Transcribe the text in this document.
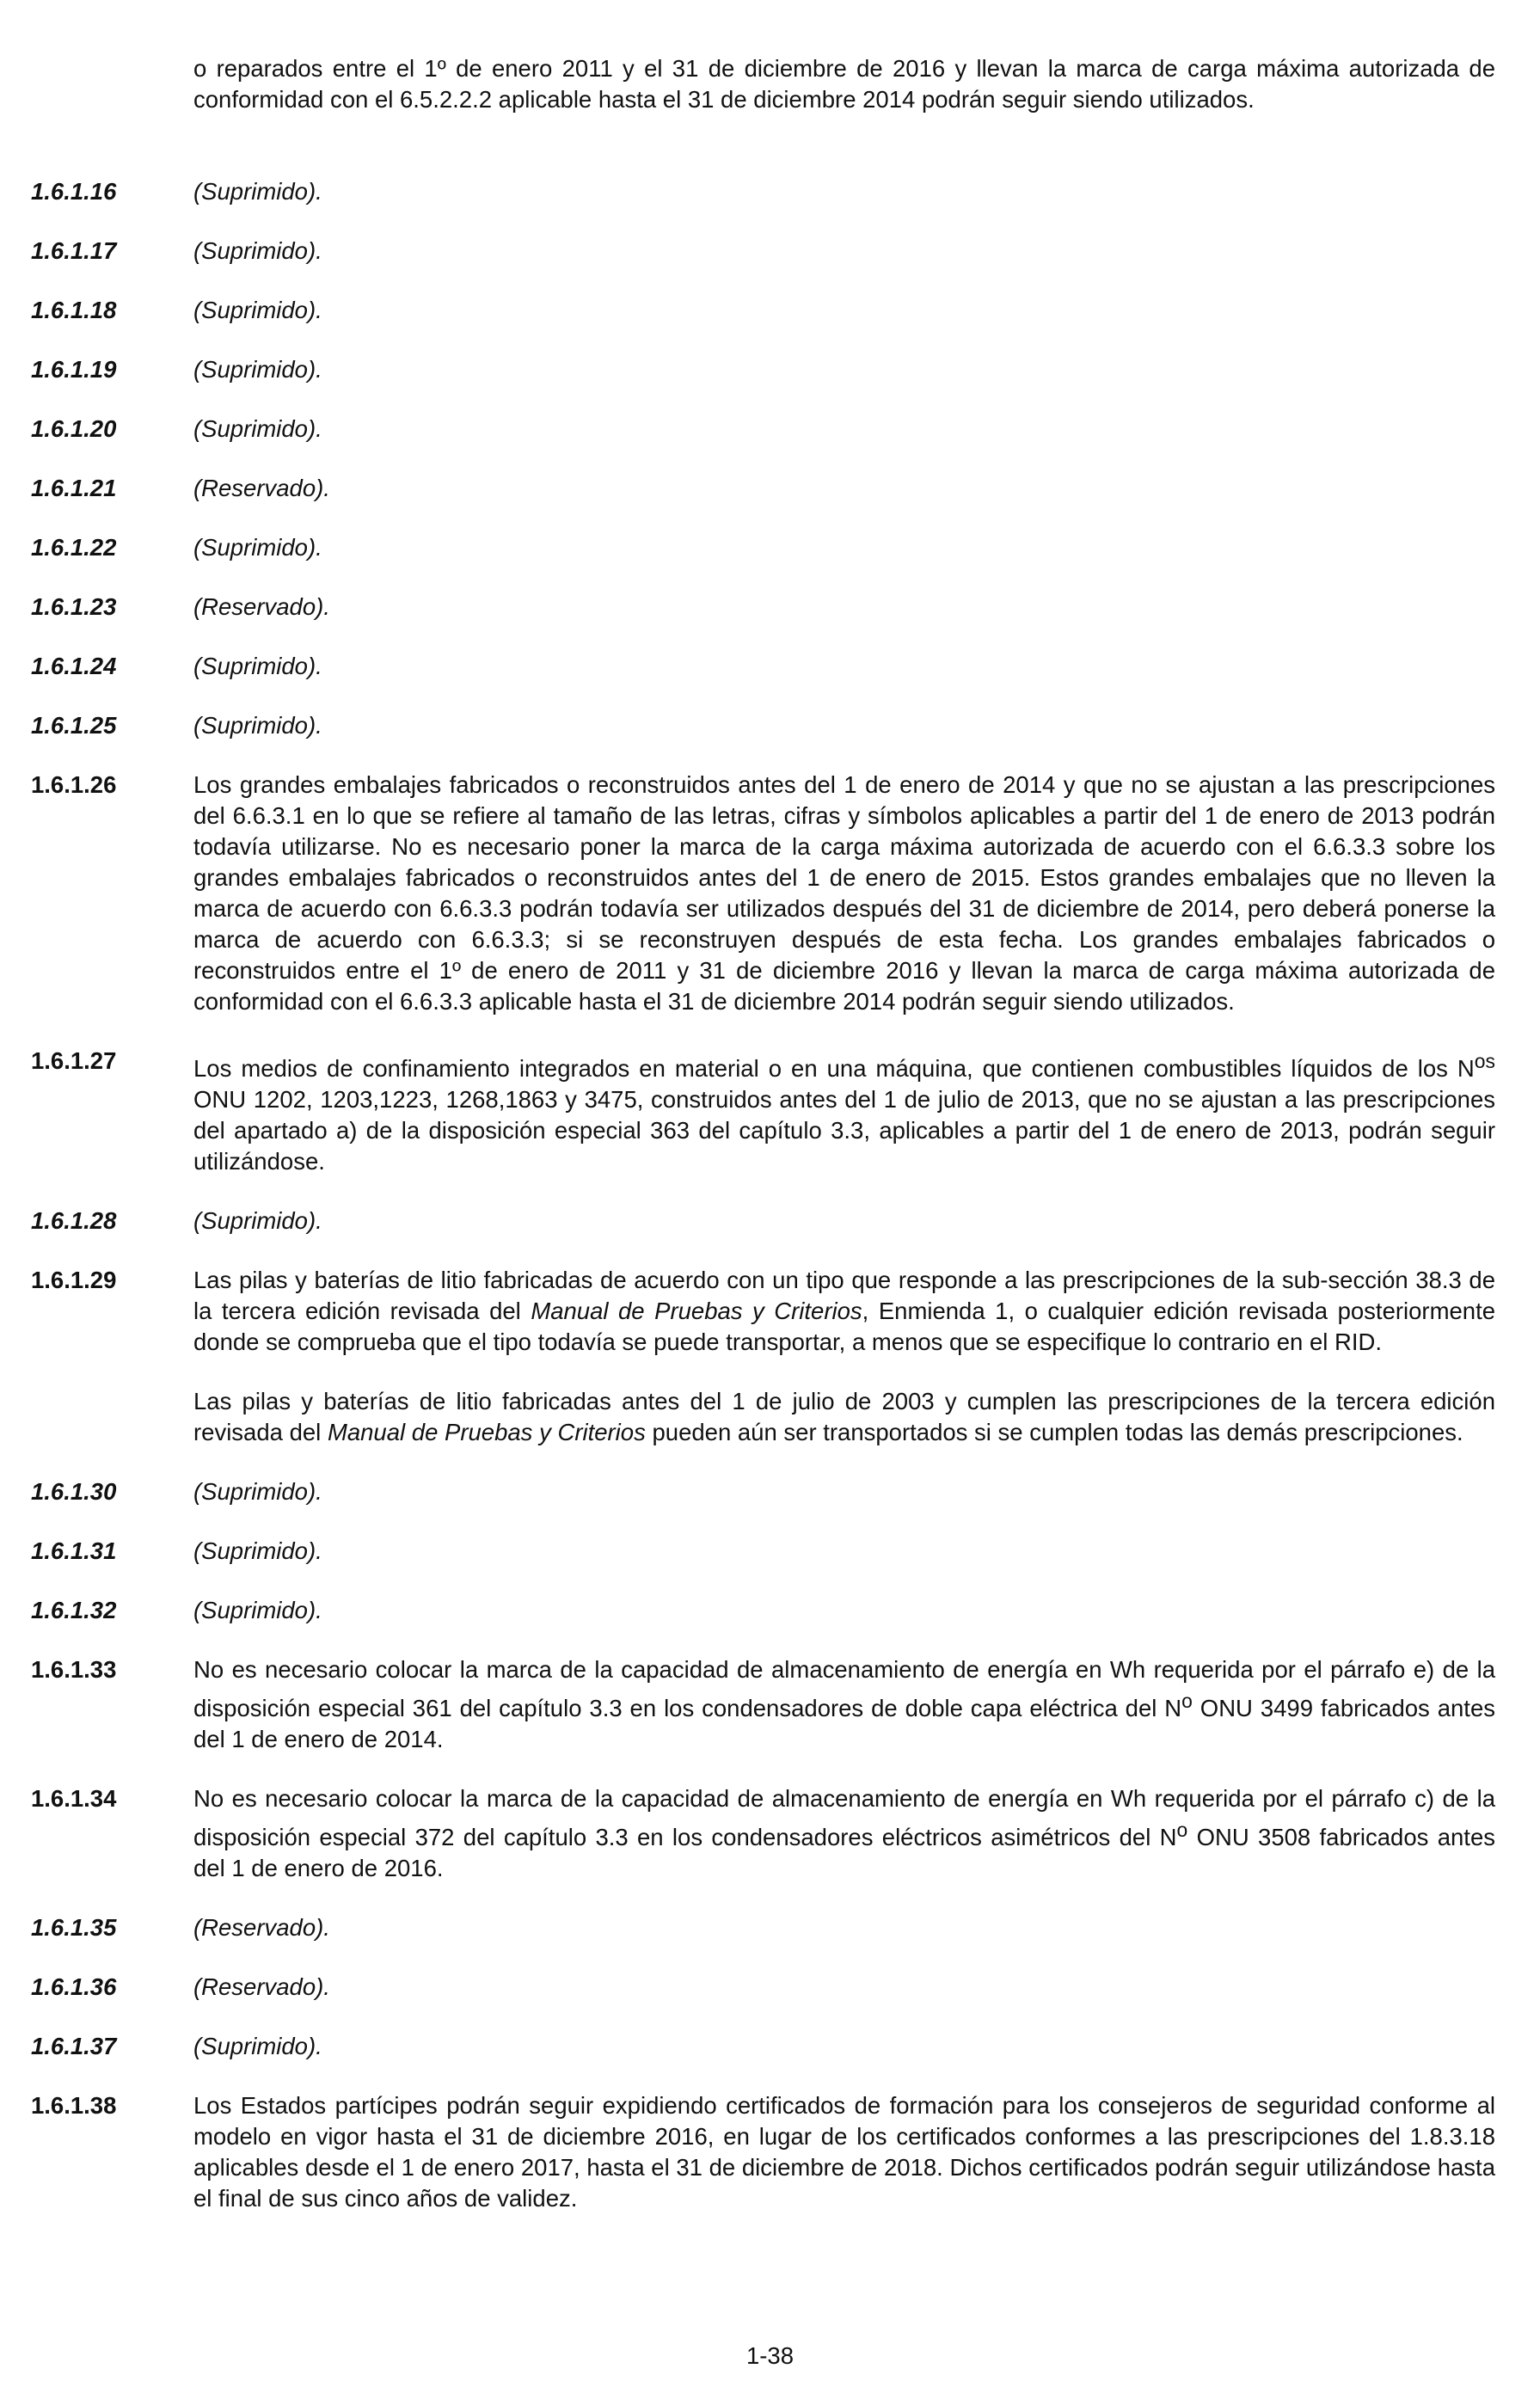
o reparados entre el 1º de enero 2011 y el 31 de diciembre de 2016 y llevan la marca de carga máxima autorizada de conformidad con el 6.5.2.2.2 aplicable hasta el 31 de diciembre 2014 podrán seguir siendo utilizados.
1.6.1.16	(Suprimido).
1.6.1.17	(Suprimido).
1.6.1.18	(Suprimido).
1.6.1.19	(Suprimido).
1.6.1.20	(Suprimido).
1.6.1.21	(Reservado).
1.6.1.22	(Suprimido).
1.6.1.23	(Reservado).
1.6.1.24	(Suprimido).
1.6.1.25	(Suprimido).
1.6.1.26	Los grandes embalajes fabricados o reconstruidos antes del 1 de enero de 2014 y que no se ajustan a las prescripciones del 6.6.3.1 en lo que se refiere al tamaño de las letras, cifras y símbolos aplicables a partir del 1 de enero de 2013 podrán todavía utilizarse. No es necesario poner la marca de la carga máxima autorizada de acuerdo con el 6.6.3.3 sobre los grandes embalajes fabricados o reconstruidos antes del 1 de enero de 2015. Estos grandes embalajes que no lleven la marca de acuerdo con 6.6.3.3 podrán todavía ser utilizados después del 31 de diciembre de 2014, pero deberá ponerse la marca de acuerdo con 6.6.3.3; si se reconstruyen después de esta fecha. Los grandes embalajes fabricados o reconstruidos entre el 1º de enero de 2011 y 31 de diciembre 2016 y llevan la marca de carga máxima autorizada de conformidad con el 6.6.3.3 aplicable hasta el 31 de diciembre 2014 podrán seguir siendo utilizados.
1.6.1.27	Los medios de confinamiento integrados en material o en una máquina, que contienen combustibles líquidos de los $N^{os}$ ONU 1202, 1203,1223, 1268,1863 y 3475, construidos antes del 1 de julio de 2013, que no se ajustan a las prescripciones del apartado a) de la disposición especial 363 del capítulo 3.3, aplicables a partir del 1 de enero de 2013, podrán seguir utilizándose.
1.6.1.28	(Suprimido).
1.6.1.29	Las pilas y baterías de litio fabricadas de acuerdo con un tipo que responde a las prescripciones de la sub-sección 38.3 de la tercera edición revisada del Manual de Pruebas y Criterios, Enmienda 1, o cualquier edición revisada posteriormente donde se comprueba que el tipo todavía se puede transportar, a menos que se especifique lo contrario en el RID.

Las pilas y baterías de litio fabricadas antes del 1 de julio de 2003 y cumplen las prescripciones de la tercera edición revisada del Manual de Pruebas y Criterios pueden aún ser transportados si se cumplen todas las demás prescripciones.

1.6.1.30	(Suprimido).
1.6.1.31	(Suprimido).
1.6.1.32	(Suprimido).
1.6.1.33	No es necesario colocar la marca de la capacidad de almacenamiento de energía en Wh requerida por el párrafo e) de la disposición especial 361 del capítulo 3.3 en los condensadores de doble capa eléctrica del $N^o$ ONU 3499 fabricados antes del 1 de enero de 2014.
1.6.1.34	No es necesario colocar la marca de la capacidad de almacenamiento de energía en Wh requerida por el párrafo c) de la disposición especial 372 del capítulo 3.3 en los condensadores eléctricos asimétricos del $N^o$ ONU 3508 fabricados antes del 1 de enero de 2016.
1.6.1.35	(Reservado).
1.6.1.36	(Reservado).
1.6.1.37	(Suprimido).
1.6.1.38	Los Estados partícipes podrán seguir expidiendo certificados de formación para los consejeros de seguridad conforme al modelo en vigor hasta el 31 de diciembre 2016, en lugar de los certificados conformes a las prescripciones del 1.8.3.18 aplicables desde el 1 de enero 2017, hasta el 31 de diciembre de 2018. Dichos certificados podrán seguir utilizándose hasta el final de sus cinco años de validez.
1-38
